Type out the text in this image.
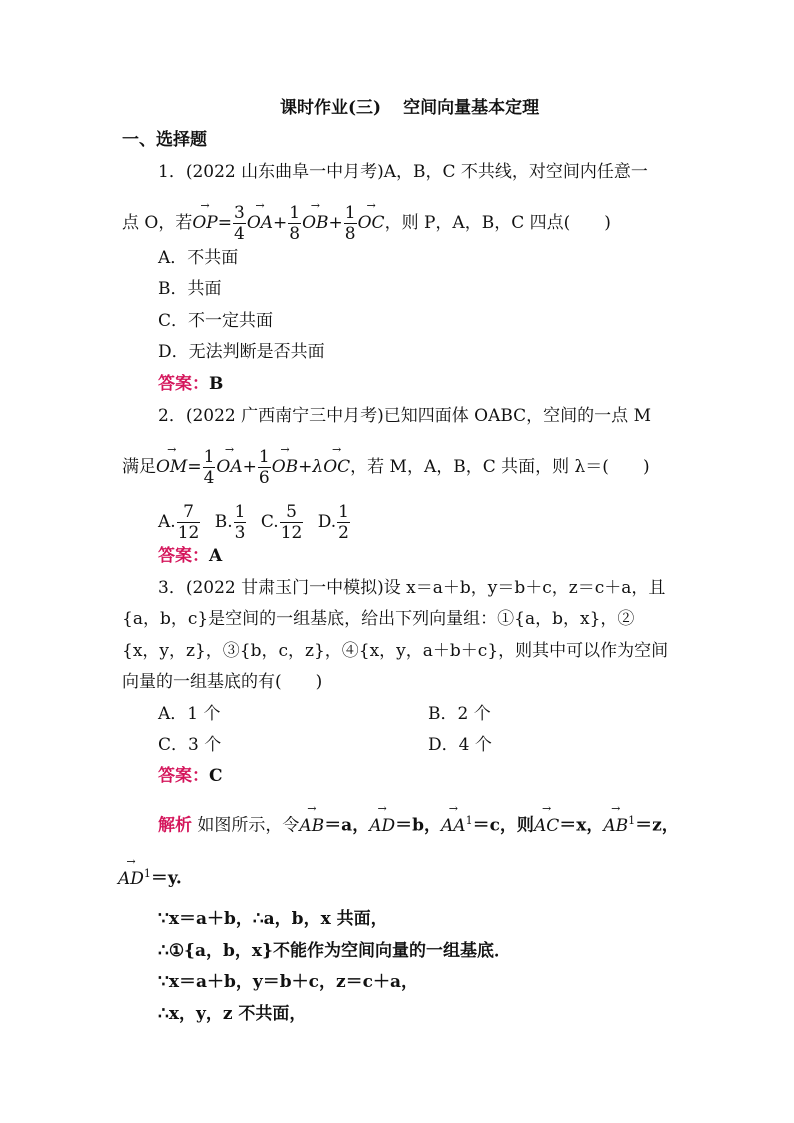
课时作业(三) 空间向量基本定理
一、选择题
1．(2022 山东曲阜一中月考)A，B，C 不共线，对空间内任意一
点 O，若
→
$OP= \frac{3}{4}$ →
$OA+ \frac{1}{8}$ →
$OB+ \frac{1}{8}$ →
OC，则 P，A，B，C 四点(　　)
A．不共面
B．共面
C．不一定共面
D．无法判断是否共面
答案：B
2．(2022 广西南宁三中月考)已知四面体 OABC，空间的一点 M
满足
→
$OM= \frac{1}{4}$ →
$OA+ \frac{1}{6}$ →
OB+λ
→
OC，若 M，A，B，C 共面，则 λ＝(　　)
A. $\frac{7}{12} B$. $\frac{1}{3} C$. $\frac{5}{12} D$. $\frac{1}{2}$
答案：A
3．(2022 甘肃玉门一中模拟)设 x＝a＋b，y＝b＋c，z＝c＋a，且
{a，b，c}是空间的一组基底，给出下列向量组：①{a，b，x}，②
{x，y，z}，③{b，c，z}，④{x，y，a＋b＋c}，则其中可以作为空间
向量的一组基底的有(　　)
A．1 个	B．2 个
C．3 个	D．4 个
答案：C
解析 如图所示，令
→
AB＝a，
→
AD＝b，
→
$AA^1=c$，则
→
AC＝x，
→
$AB^1=z$，
→
$AD^1=y$.
∵x＝a＋b，∴a，b，x 共面，
∴①{a，b，x}不能作为空间向量的一组基底．
∵x＝a＋b，y＝b＋c，z＝c＋a，
∴x，y，z 不共面，
